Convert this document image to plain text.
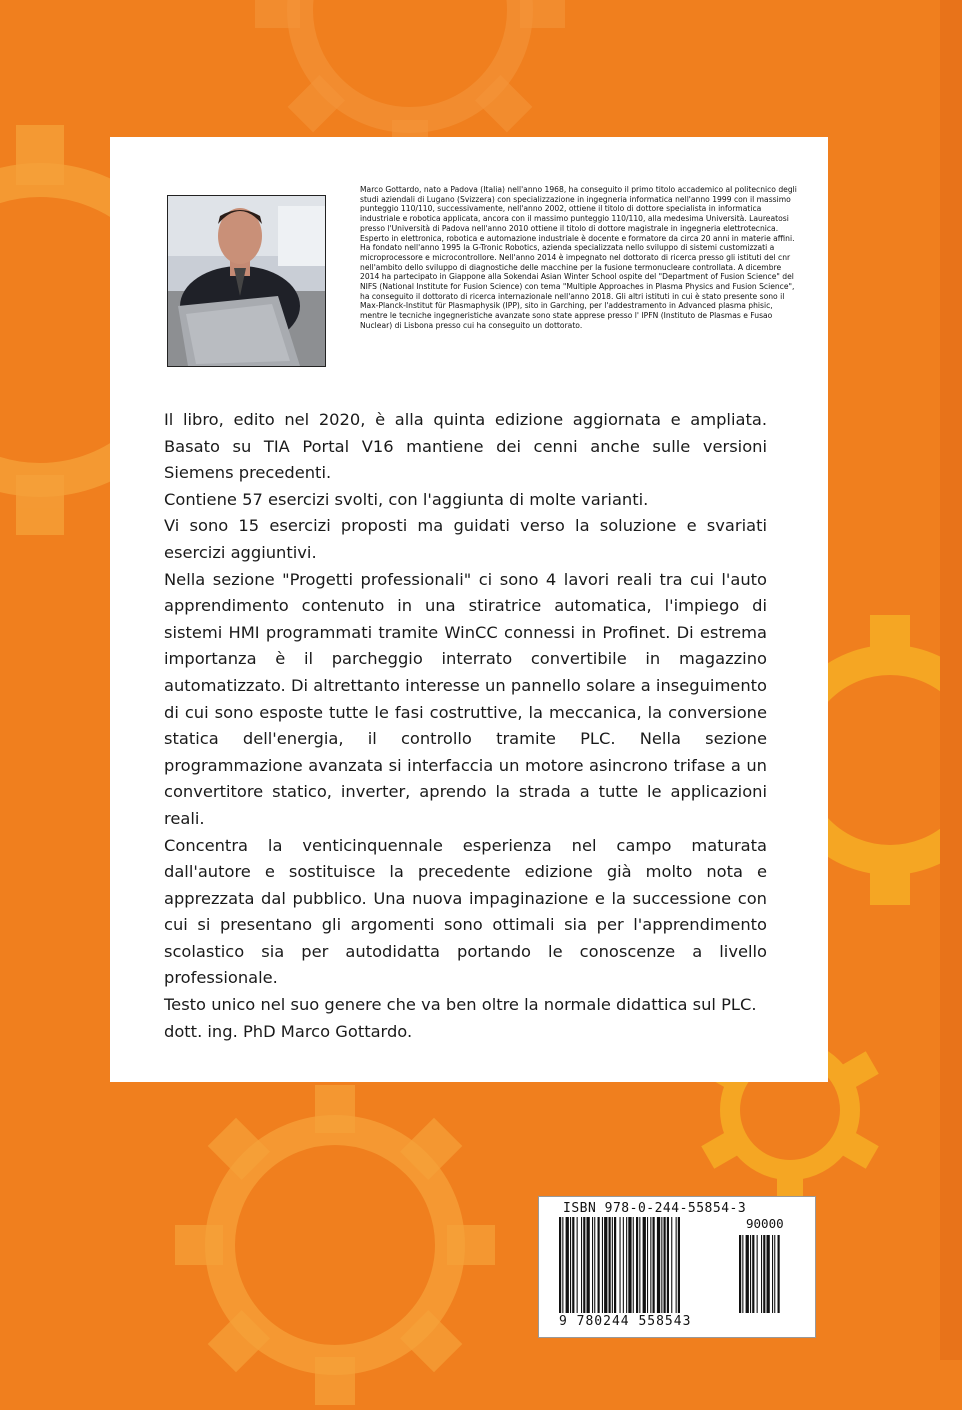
Marco Gottardo, nato a Padova (Italia) nell'anno 1968, ha conseguito il primo titolo accademico al politecnico degli studi aziendali di Lugano (Svizzera) con specializzazione in ingegneria informatica nell'anno 1999 con il massimo punteggio 110/110, successivamente, nell'anno 2002, ottiene il titolo di dottore specialista in informatica industriale e robotica applicata, ancora con il massimo punteggio 110/110, alla medesima Università. Laureatosi presso l'Università di Padova nell'anno 2010 ottiene il titolo di dottore magistrale in ingegneria elettrotecnica.

Esperto in elettronica, robotica e automazione industriale è docente e formatore da circa 20 anni in materie affini.

Ha fondato nell'anno 1995 la G-Tronic Robotics, azienda specializzata nello sviluppo di sistemi customizzati a microprocessore e microcontrollore. Nell'anno 2014 è impegnato nel dottorato di ricerca presso gli istituti del cnr nell'ambito dello sviluppo di diagnostiche delle macchine per la fusione termonucleare controllata. A dicembre 2014 ha partecipato in Giappone alla Sokendai Asian Winter School ospite del "Department of Fusion Science" del NIFS (National Institute for Fusion Science) con tema "Multiple Approaches in Plasma Physics and Fusion Science", ha conseguito il dottorato di ricerca internazionale nell'anno 2018. Gli altri istituti in cui è stato presente sono il Max-Planck-Institut für Plasmaphysik (IPP), sito in Garching, per l'addestramento in Advanced plasma phisic, mentre le tecniche ingegneristiche avanzate sono state apprese presso l' IPFN (Instituto de Plasmas e Fusao Nuclear) di Lisbona presso cui ha conseguito un dottorato.

Il libro, edito nel 2020, è alla quinta edizione aggiornata e ampliata. Basato su TIA Portal V16 mantiene dei cenni anche sulle versioni Siemens precedenti.

Contiene 57 esercizi svolti, con l'aggiunta di molte varianti.

Vi sono 15 esercizi proposti ma guidati verso la soluzione e svariati esercizi aggiuntivi.

Nella sezione "Progetti professionali" ci sono 4 lavori reali tra cui l'auto apprendimento contenuto in una stiratrice automatica, l'impiego di sistemi HMI programmati tramite WinCC connessi in Profinet. Di estrema importanza è il parcheggio interrato convertibile in magazzino automatizzato. Di altrettanto interesse un pannello solare a inseguimento di cui sono esposte tutte le fasi costruttive, la meccanica, la conversione statica dell'energia, il controllo tramite PLC. Nella sezione programmazione avanzata si interfaccia un motore asincrono trifase a un convertitore statico, inverter, aprendo la strada a tutte le applicazioni reali.

Concentra la venticinquennale esperienza nel campo maturata dall'autore e sostituisce la precedente edizione già molto nota e apprezzata dal pubblico. Una nuova impaginazione e la successione con cui si presentano gli argomenti sono ottimali sia per l'apprendimento scolastico sia per autodidatta portando le conoscenze a livello professionale.

Testo unico nel suo genere che va ben oltre la normale didattica sul PLC.

dott. ing. PhD Marco Gottardo.

ISBN 978-0-244-55854-3
90000
9 780244 558543
